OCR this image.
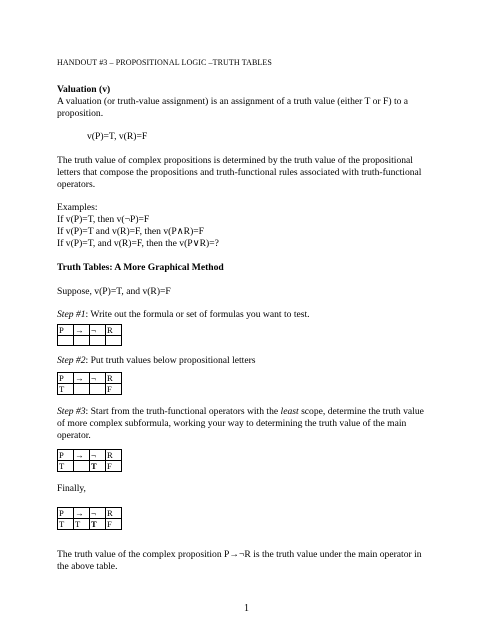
HANDOUT #3 – PROPOSITIONAL LOGIC –TRUTH TABLES
Valuation (v)
A valuation (or truth-value assignment) is an assignment of a truth value (either T or F) to a
proposition.
v(P)=T, v(R)=F
The truth value of complex propositions is determined by the truth value of the propositional
letters that compose the propositions and truth-functional rules associated with truth-functional
operators.
Examples:
If v(P)=T, then v(¬P)=F
If v(P)=T and v(R)=F, then v(P∧R)=F
If v(P)=T, and v(R)=F, then the v(P∨R)=?
Truth Tables: A More Graphical Method
Suppose, v(P)=T, and v(R)=F
Step #1: Write out the formula or set of formulas you want to test.
P	→	¬	R

Step #2: Put truth values below propositional letters
P	→	¬	R
T			F
Step #3: Start from the truth-functional operators with the least scope, determine the truth value
of more complex subformula, working your way to determining the truth value of the main
operator.
P	→	¬	R
T		T	F
Finally,
P	→	¬	R
T	T	T	F
The truth value of the complex proposition P→¬R is the truth value under the main operator in
the above table.
1
